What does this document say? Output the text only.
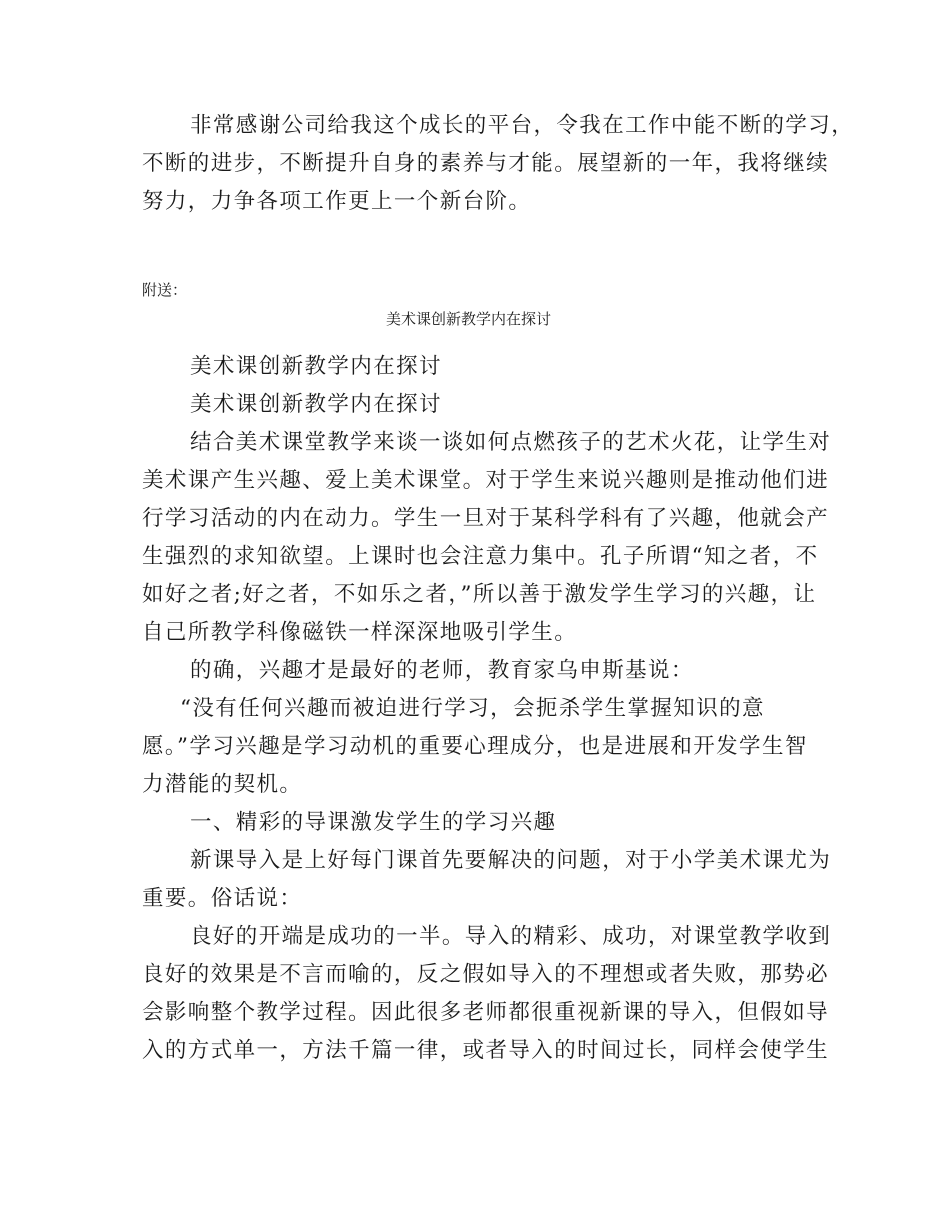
非常感谢公司给我这个成长的平台，令我在工作中能不断的学习，
不断的进步，不断提升自身的素养与才能。展望新的一年，我将继续
努力，力争各项工作更上一个新台阶。
附送：
美术课创新教学内在探讨
美术课创新教学内在探讨
美术课创新教学内在探讨
结合美术课堂教学来谈一谈如何点燃孩子的艺术火花，让学生对
美术课产生兴趣、爱上美术课堂。对于学生来说兴趣则是推动他们进
行学习活动的内在动力。学生一旦对于某科学科有了兴趣，他就会产
生强烈的求知欲望。上课时也会注意力集中。孔子所谓“知之者，不
如好之者;好之者，不如乐之者，”所以善于激发学生学习的兴趣，让
自己所教学科像磁铁一样深深地吸引学生。
的确，兴趣才是最好的老师，教育家乌申斯基说：
“没有任何兴趣而被迫进行学习，会扼杀学生掌握知识的意
愿。”学习兴趣是学习动机的重要心理成分，也是进展和开发学生智
力潜能的契机。
一、精彩的导课激发学生的学习兴趣
新课导入是上好每门课首先要解决的问题，对于小学美术课尤为
重要。俗话说：
良好的开端是成功的一半。导入的精彩、成功，对课堂教学收到
良好的效果是不言而喻的，反之假如导入的不理想或者失败，那势必
会影响整个教学过程。因此很多老师都很重视新课的导入，但假如导
入的方式单一，方法千篇一律，或者导入的时间过长，同样会使学生
